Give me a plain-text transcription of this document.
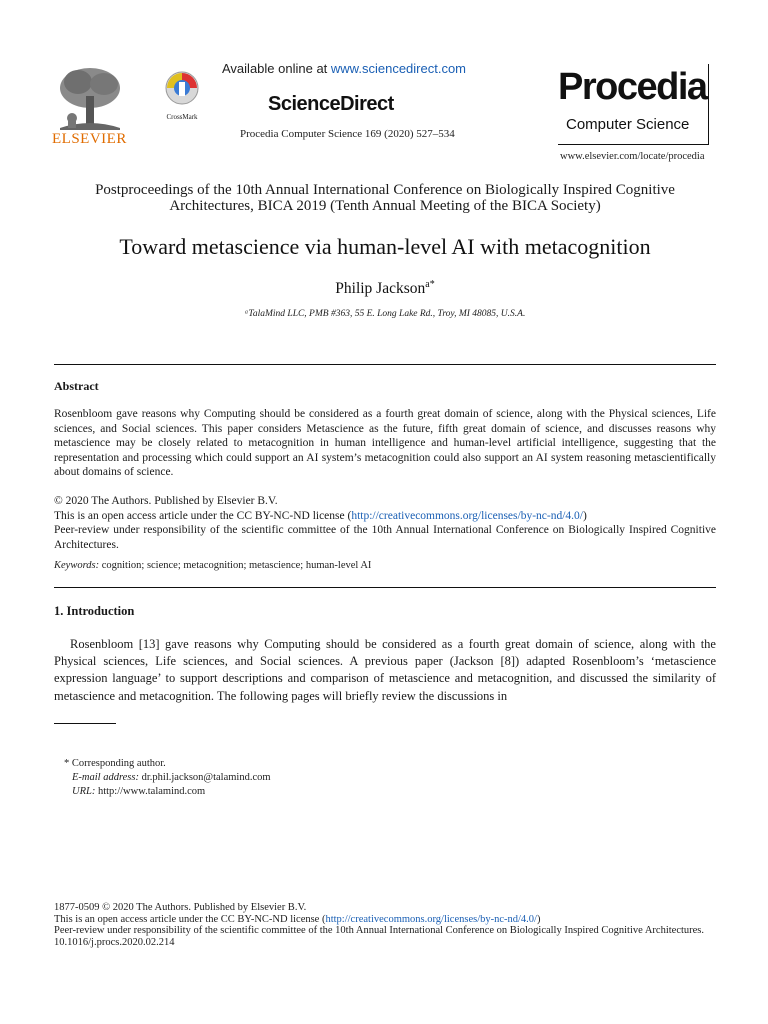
ELSEVIER
CrossMark
Available online at www.sciencedirect.com
ScienceDirect
Procedia Computer Science 169 (2020) 527–534
Procedia
Computer Science
www.elsevier.com/locate/procedia
Postproceedings of the 10th Annual International Conference on Biologically Inspired Cognitive
Architectures, BICA 2019 (Tenth Annual Meeting of the BICA Society)
Toward metascience via human-level AI with metacognition
Philip Jackson$^{a*}$
ᵃTalaMind LLC, PMB #363, 55 E. Long Lake Rd., Troy, MI 48085, U.S.A.
Abstract
Rosenbloom gave reasons why Computing should be considered as a fourth great domain of science, along with the Physical sciences, Life sciences, and Social sciences. This paper considers Metascience as the future, fifth great domain of science, and discusses reasons why metascience may be closely related to metacognition in human intelligence and human-level artificial intelligence, suggesting that the representation and processing which could support an AI system’s metacognition could also support an AI system reasoning metascientifically about domains of science.
© 2020 The Authors. Published by Elsevier B.V.
This is an open access article under the CC BY-NC-ND license (http://creativecommons.org/licenses/by-nc-nd/4.0/)

Peer-review under responsibility of the scientific committee of the 10th Annual International Conference on Biologically Inspired Cognitive Architectures.

Keywords: cognition; science; metacognition; metascience; human-level AI
1. Introduction
Rosenbloom [13] gave reasons why Computing should be considered as a fourth great domain of science, along with the Physical sciences, Life sciences, and Social sciences. A previous paper (Jackson [8]) adapted Rosenbloom’s ‘metascience expression language’ to support descriptions and comparison of metascience and metacognition, and discussed the similarity of metascience and metacognition. The following pages will briefly review the discussions in
* Corresponding author.
E-mail address: dr.phil.jackson@talamind.com
URL: http://www.talamind.com
1877-0509 © 2020 The Authors. Published by Elsevier B.V.
This is an open access article under the CC BY-NC-ND license (http://creativecommons.org/licenses/by-nc-nd/4.0/)
Peer-review under responsibility of the scientific committee of the 10th Annual International Conference on Biologically Inspired Cognitive Architectures.
10.1016/j.procs.2020.02.214
